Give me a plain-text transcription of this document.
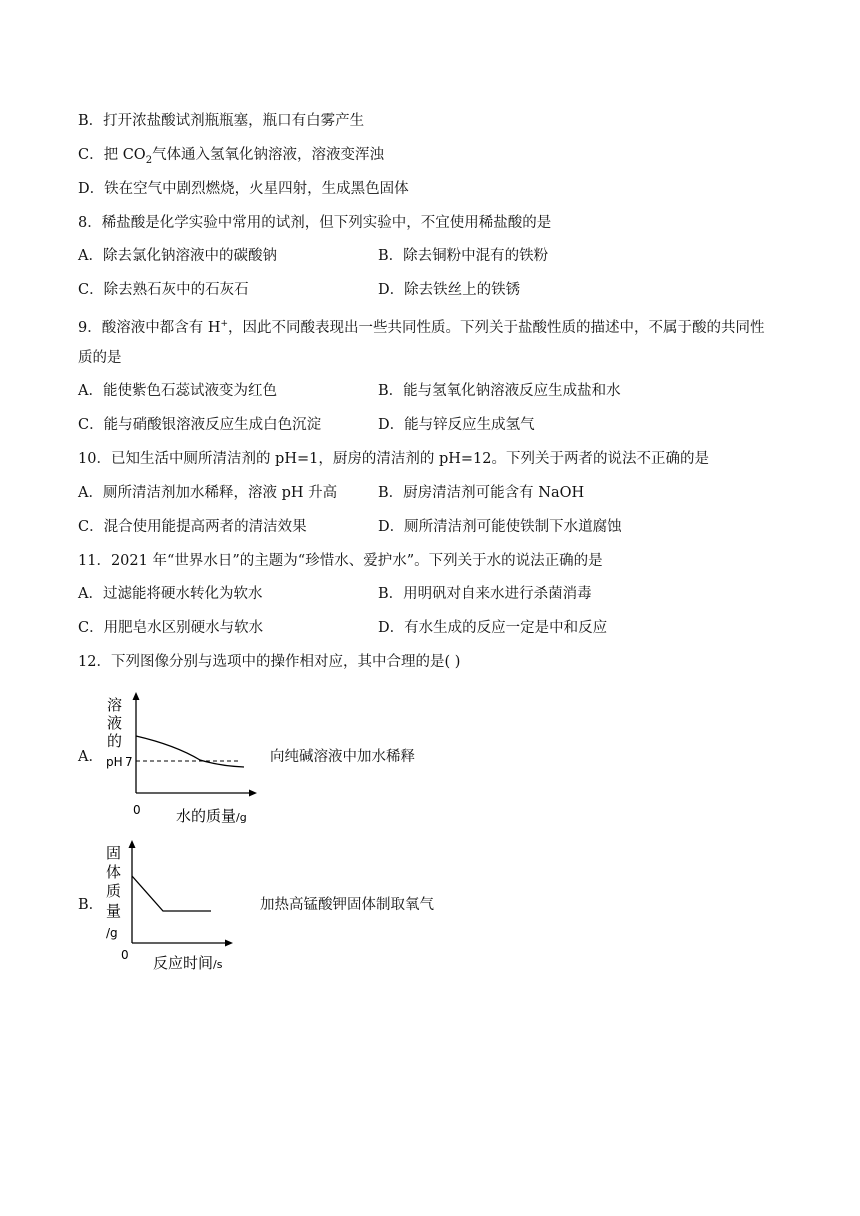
B．打开浓盐酸试剂瓶瓶塞，瓶口有白雾产生
C．把 $CO_2$气体通入氢氧化钠溶液，溶液变浑浊
D．铁在空气中剧烈燃烧，火星四射，生成黑色固体
8．稀盐酸是化学实验中常用的试剂，但下列实验中，不宜使用稀盐酸的是
A．除去氯化钠溶液中的碳酸钠	B．除去铜粉中混有的铁粉
C．除去熟石灰中的石灰石	D．除去铁丝上的铁锈
9．酸溶液中都含有 H+，因此不同酸表现出一些共同性质。下列关于盐酸性质的描述中，不属于酸的共同性
质的是
A．能使紫色石蕊试液变为红色	B．能与氢氧化钠溶液反应生成盐和水
C．能与硝酸银溶液反应生成白色沉淀	D．能与锌反应生成氢气
10．已知生活中厕所清洁剂的 pH=1，厨房的清洁剂的 pH=12。下列关于两者的说法不正确的是
A．厕所清洁剂加水稀释，溶液 pH 升高	B．厨房清洁剂可能含有 NaOH
C．混合使用能提高两者的清洁效果	D．厕所清洁剂可能使铁制下水道腐蚀
11．2021 年“世界水日”的主题为“珍惜水、爱护水”。下列关于水的说法正确的是
A．过滤能将硬水转化为软水	B．用明矾对自来水进行杀菌消毒
C．用肥皂水区别硬水与软水	D．有水生成的反应一定是中和反应
12．下列图像分别与选项中的操作相对应，其中合理的是( )
A．
溶
液
的
pH 7
0 水的质量/g
向纯碱溶液中加水稀释
B．
固
体
质
量
/g
0 反应时间/s
加热高锰酸钾固体制取氧气
